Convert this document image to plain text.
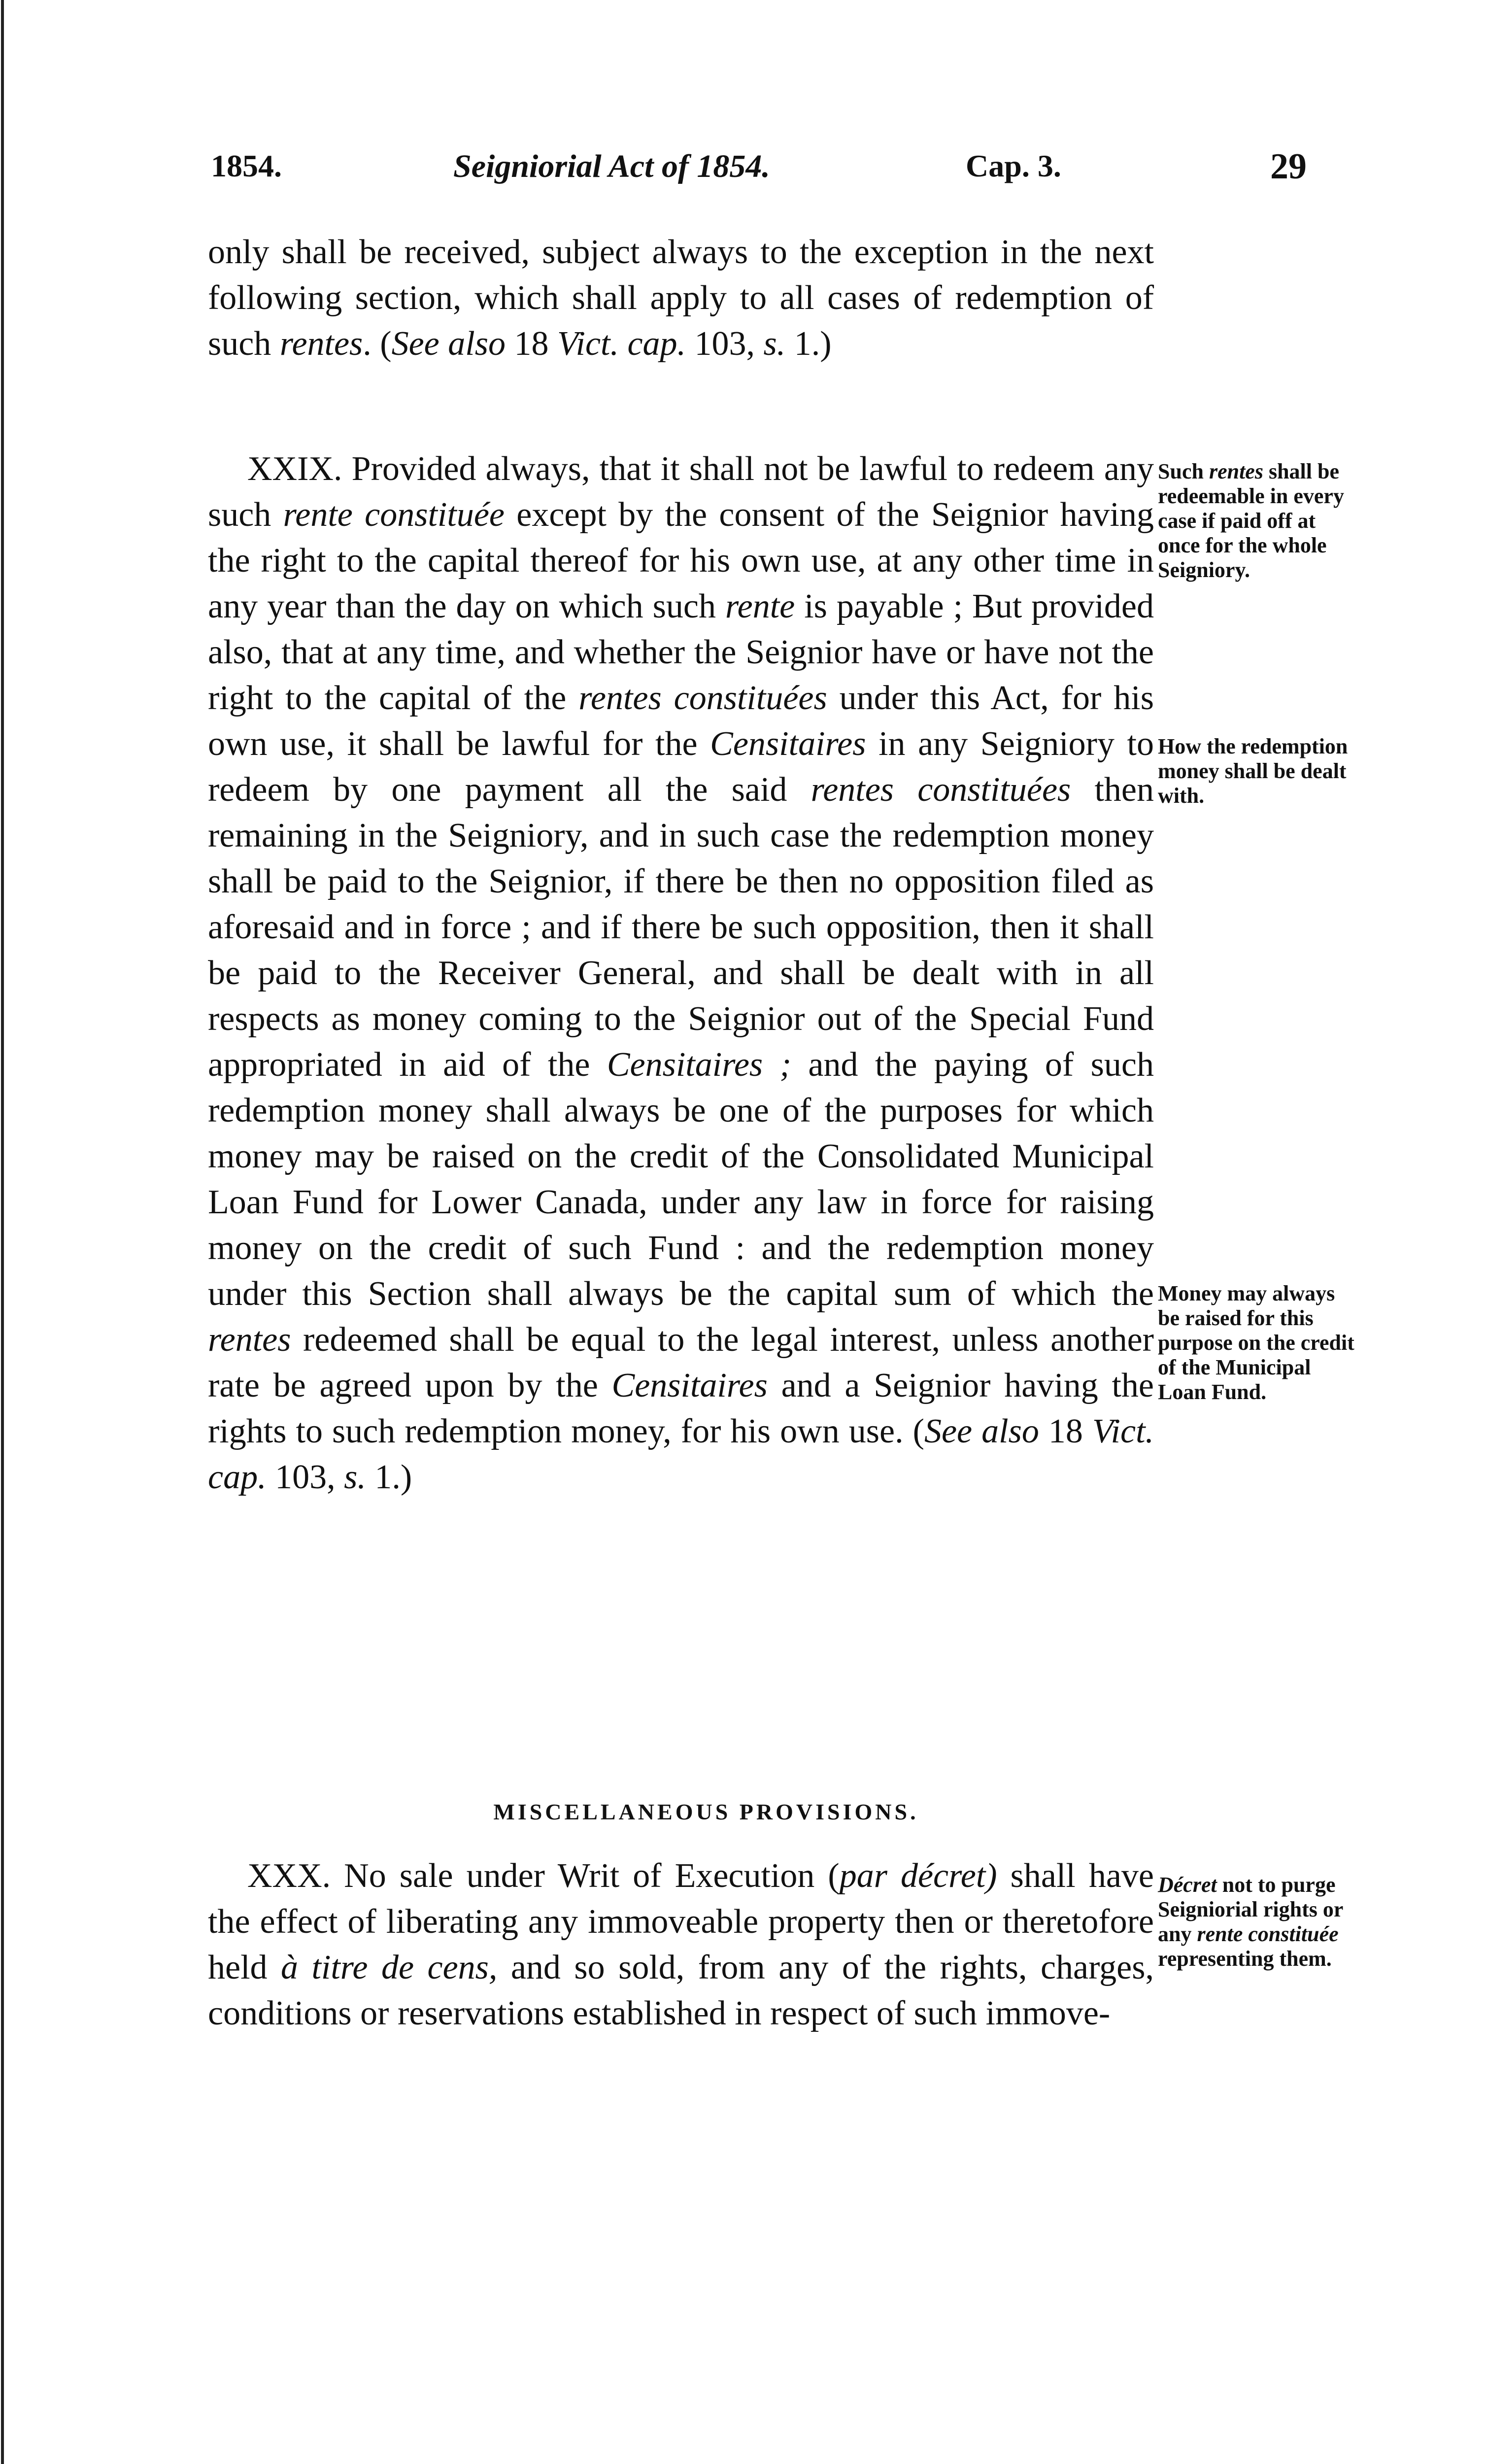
1854.	Seigniorial Act of 1854.	Cap. 3.	29

only shall be received, subject always to the exception in the next following section, which shall apply to all cases of redemption of such rentes. (See also 18 Vict. cap. 103, s. 1.)

XXIX. Provided always, that it shall not be lawful to redeem any such rente constituée except by the consent of the Seignior having the right to the capital thereof for his own use, at any other time in any year than the day on which such rente is payable ; But provided also, that at any time, and whether the Seignior have or have not the right to the capital of the rentes constituées under this Act, for his own use, it shall be lawful for the Censitaires in any Seigniory to redeem by one payment all the said rentes constituées then remaining in the Seigniory, and in such case the redemption money shall be paid to the Seignior, if there be then no opposition filed as aforesaid and in force ; and if there be such opposition, then it shall be paid to the Receiver General, and shall be dealt with in all respects as money coming to the Seignior out of the Special Fund appropriated in aid of the Censitaires ; and the paying of such redemption money shall always be one of the purposes for which money may be raised on the credit of the Consolidated Municipal Loan Fund for Lower Canada, under any law in force for raising money on the credit of such Fund : and the redemption money under this Section shall always be the capital sum of which the rentes redeemed shall be equal to the legal interest, unless another rate be agreed upon by the Censitaires and a Seignior having the rights to such redemption money, for his own use. (See also 18 Vict. cap. 103, s. 1.)

MISCELLANEOUS PROVISIONS.

XXX. No sale under Writ of Execution (par décret) shall have the effect of liberating any immoveable property then or theretofore held à titre de cens, and so sold, from any of the rights, charges, conditions or reservations established in respect of such immove-

Such rentes shall be redeemable in every case if paid off at once for the whole Seigniory.
How the redemption money shall be dealt with.
Money may always be raised for this purpose on the credit of the Municipal Loan Fund.
Décret not to purge Seigniorial rights or any rente constituée representing them.
